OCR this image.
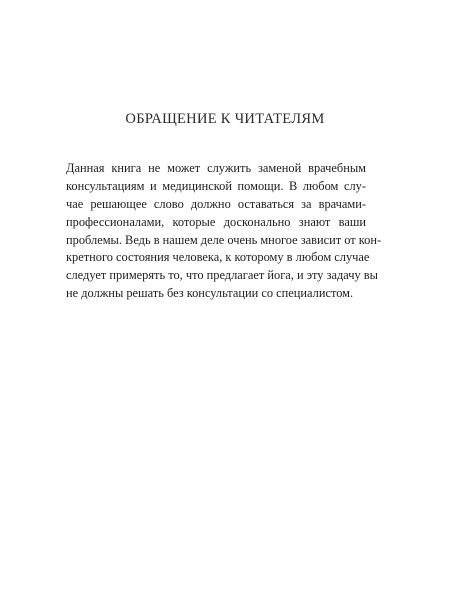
ОБРАЩЕНИЕ К ЧИТАТЕЛЯМ
Данная книга не может служить заменой врачебным
консультациям и медицинской помощи. В любом слу-
чае решающее слово должно оставаться за врачами-
профессионалами, которые досконально знают ваши
проблемы. Ведь в нашем деле очень многое зависит от кон-
кретного состояния человека, к которому в любом случае
следует примерять то, что предлагает йога, и эту задачу вы
не должны решать без консультации со специалистом.
